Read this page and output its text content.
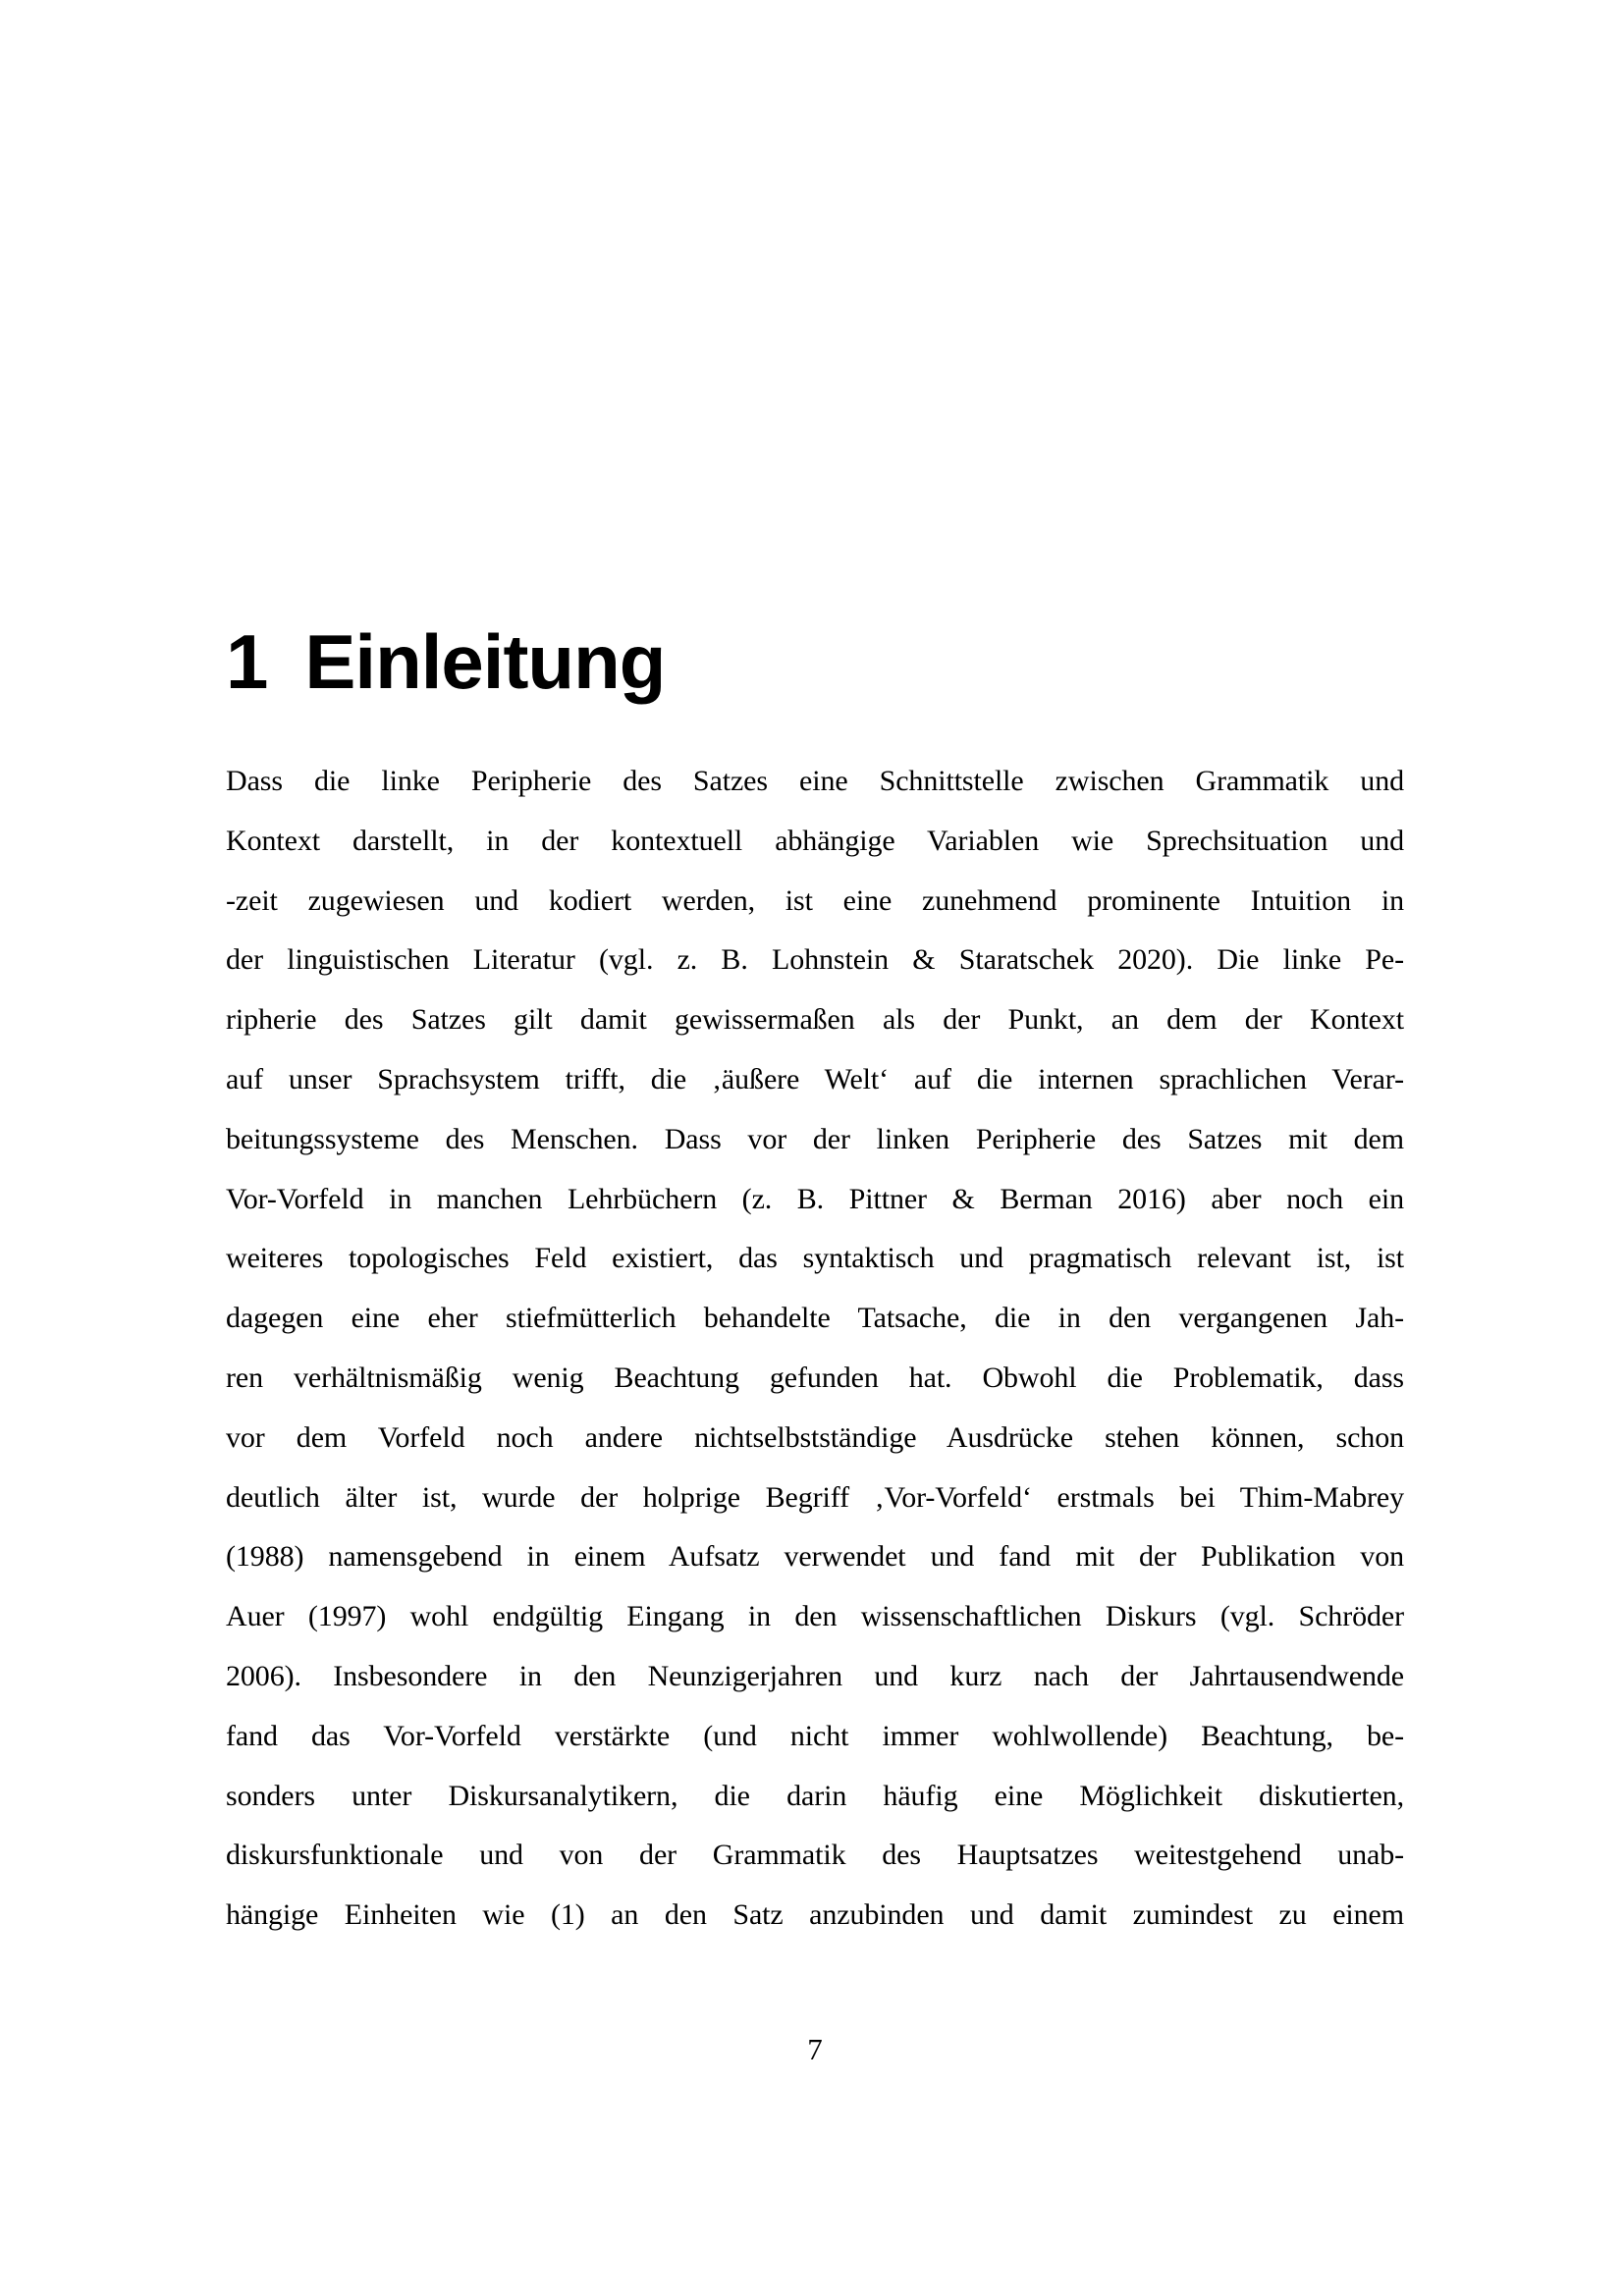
1 Einleitung
Dass die linke Peripherie des Satzes eine Schnittstelle zwischen Grammatik und
Kontext darstellt, in der kontextuell abhängige Variablen wie Sprechsituation und
-zeit zugewiesen und kodiert werden, ist eine zunehmend prominente Intuition in
der linguistischen Literatur (vgl. z. B. Lohnstein & Staratschek 2020). Die linke Pe-
ripherie des Satzes gilt damit gewissermaßen als der Punkt, an dem der Kontext
auf unser Sprachsystem trifft, die ‚äußere Welt‘ auf die internen sprachlichen Verar-
beitungssysteme des Menschen. Dass vor der linken Peripherie des Satzes mit dem
Vor-Vorfeld in manchen Lehrbüchern (z. B. Pittner & Berman 2016) aber noch ein
weiteres topologisches Feld existiert, das syntaktisch und pragmatisch relevant ist, ist
dagegen eine eher stiefmütterlich behandelte Tatsache, die in den vergangenen Jah-
ren verhältnismäßig wenig Beachtung gefunden hat. Obwohl die Problematik, dass
vor dem Vorfeld noch andere nichtselbstständige Ausdrücke stehen können, schon
deutlich älter ist, wurde der holprige Begriff ‚Vor-Vorfeld‘ erstmals bei Thim-Mabrey
(1988) namensgebend in einem Aufsatz verwendet und fand mit der Publikation von
Auer (1997) wohl endgültig Eingang in den wissenschaftlichen Diskurs (vgl. Schröder
2006). Insbesondere in den Neunzigerjahren und kurz nach der Jahrtausendwende
fand das Vor-Vorfeld verstärkte (und nicht immer wohlwollende) Beachtung, be-
sonders unter Diskursanalytikern, die darin häufig eine Möglichkeit diskutierten,
diskursfunktionale und von der Grammatik des Hauptsatzes weitestgehend unab-
hängige Einheiten wie (1) an den Satz anzubinden und damit zumindest zu einem
7
